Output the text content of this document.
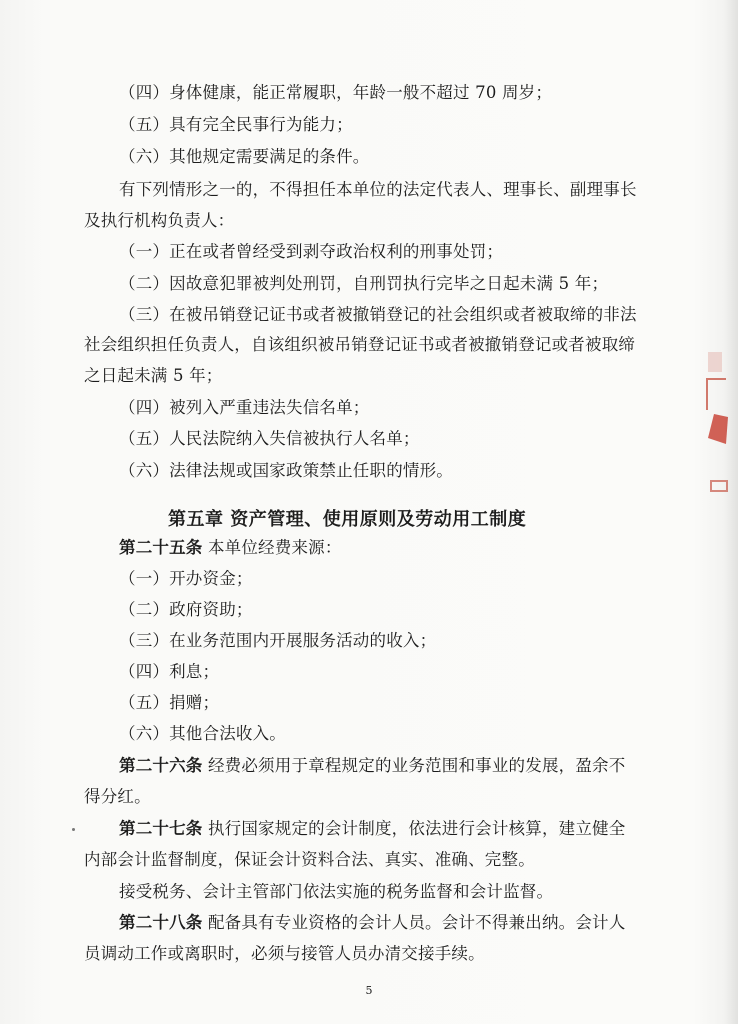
（四）身体健康，能正常履职，年龄一般不超过 70 周岁；
（五）具有完全民事行为能力；
（六）其他规定需要满足的条件。
有下列情形之一的，不得担任本单位的法定代表人、理事长、副理事长
及执行机构负责人：
（一）正在或者曾经受到剥夺政治权利的刑事处罚；
（二）因故意犯罪被判处刑罚，自刑罚执行完毕之日起未满 5 年；
（三）在被吊销登记证书或者被撤销登记的社会组织或者被取缔的非法
社会组织担任负责人，自该组织被吊销登记证书或者被撤销登记或者被取缔
之日起未满 5 年；
（四）被列入严重违法失信名单；
（五）人民法院纳入失信被执行人名单；
（六）法律法规或国家政策禁止任职的情形。
第五章 资产管理、使用原则及劳动用工制度
第二十五条 本单位经费来源：
（一）开办资金；
（二）政府资助；
（三）在业务范围内开展服务活动的收入；
（四）利息；
（五）捐赠；
（六）其他合法收入。
第二十六条 经费必须用于章程规定的业务范围和事业的发展，盈余不
得分红。
第二十七条 执行国家规定的会计制度，依法进行会计核算，建立健全
内部会计监督制度，保证会计资料合法、真实、准确、完整。
接受税务、会计主管部门依法实施的税务监督和会计监督。
第二十八条 配备具有专业资格的会计人员。会计不得兼出纳。会计人
员调动工作或离职时，必须与接管人员办清交接手续。
5
